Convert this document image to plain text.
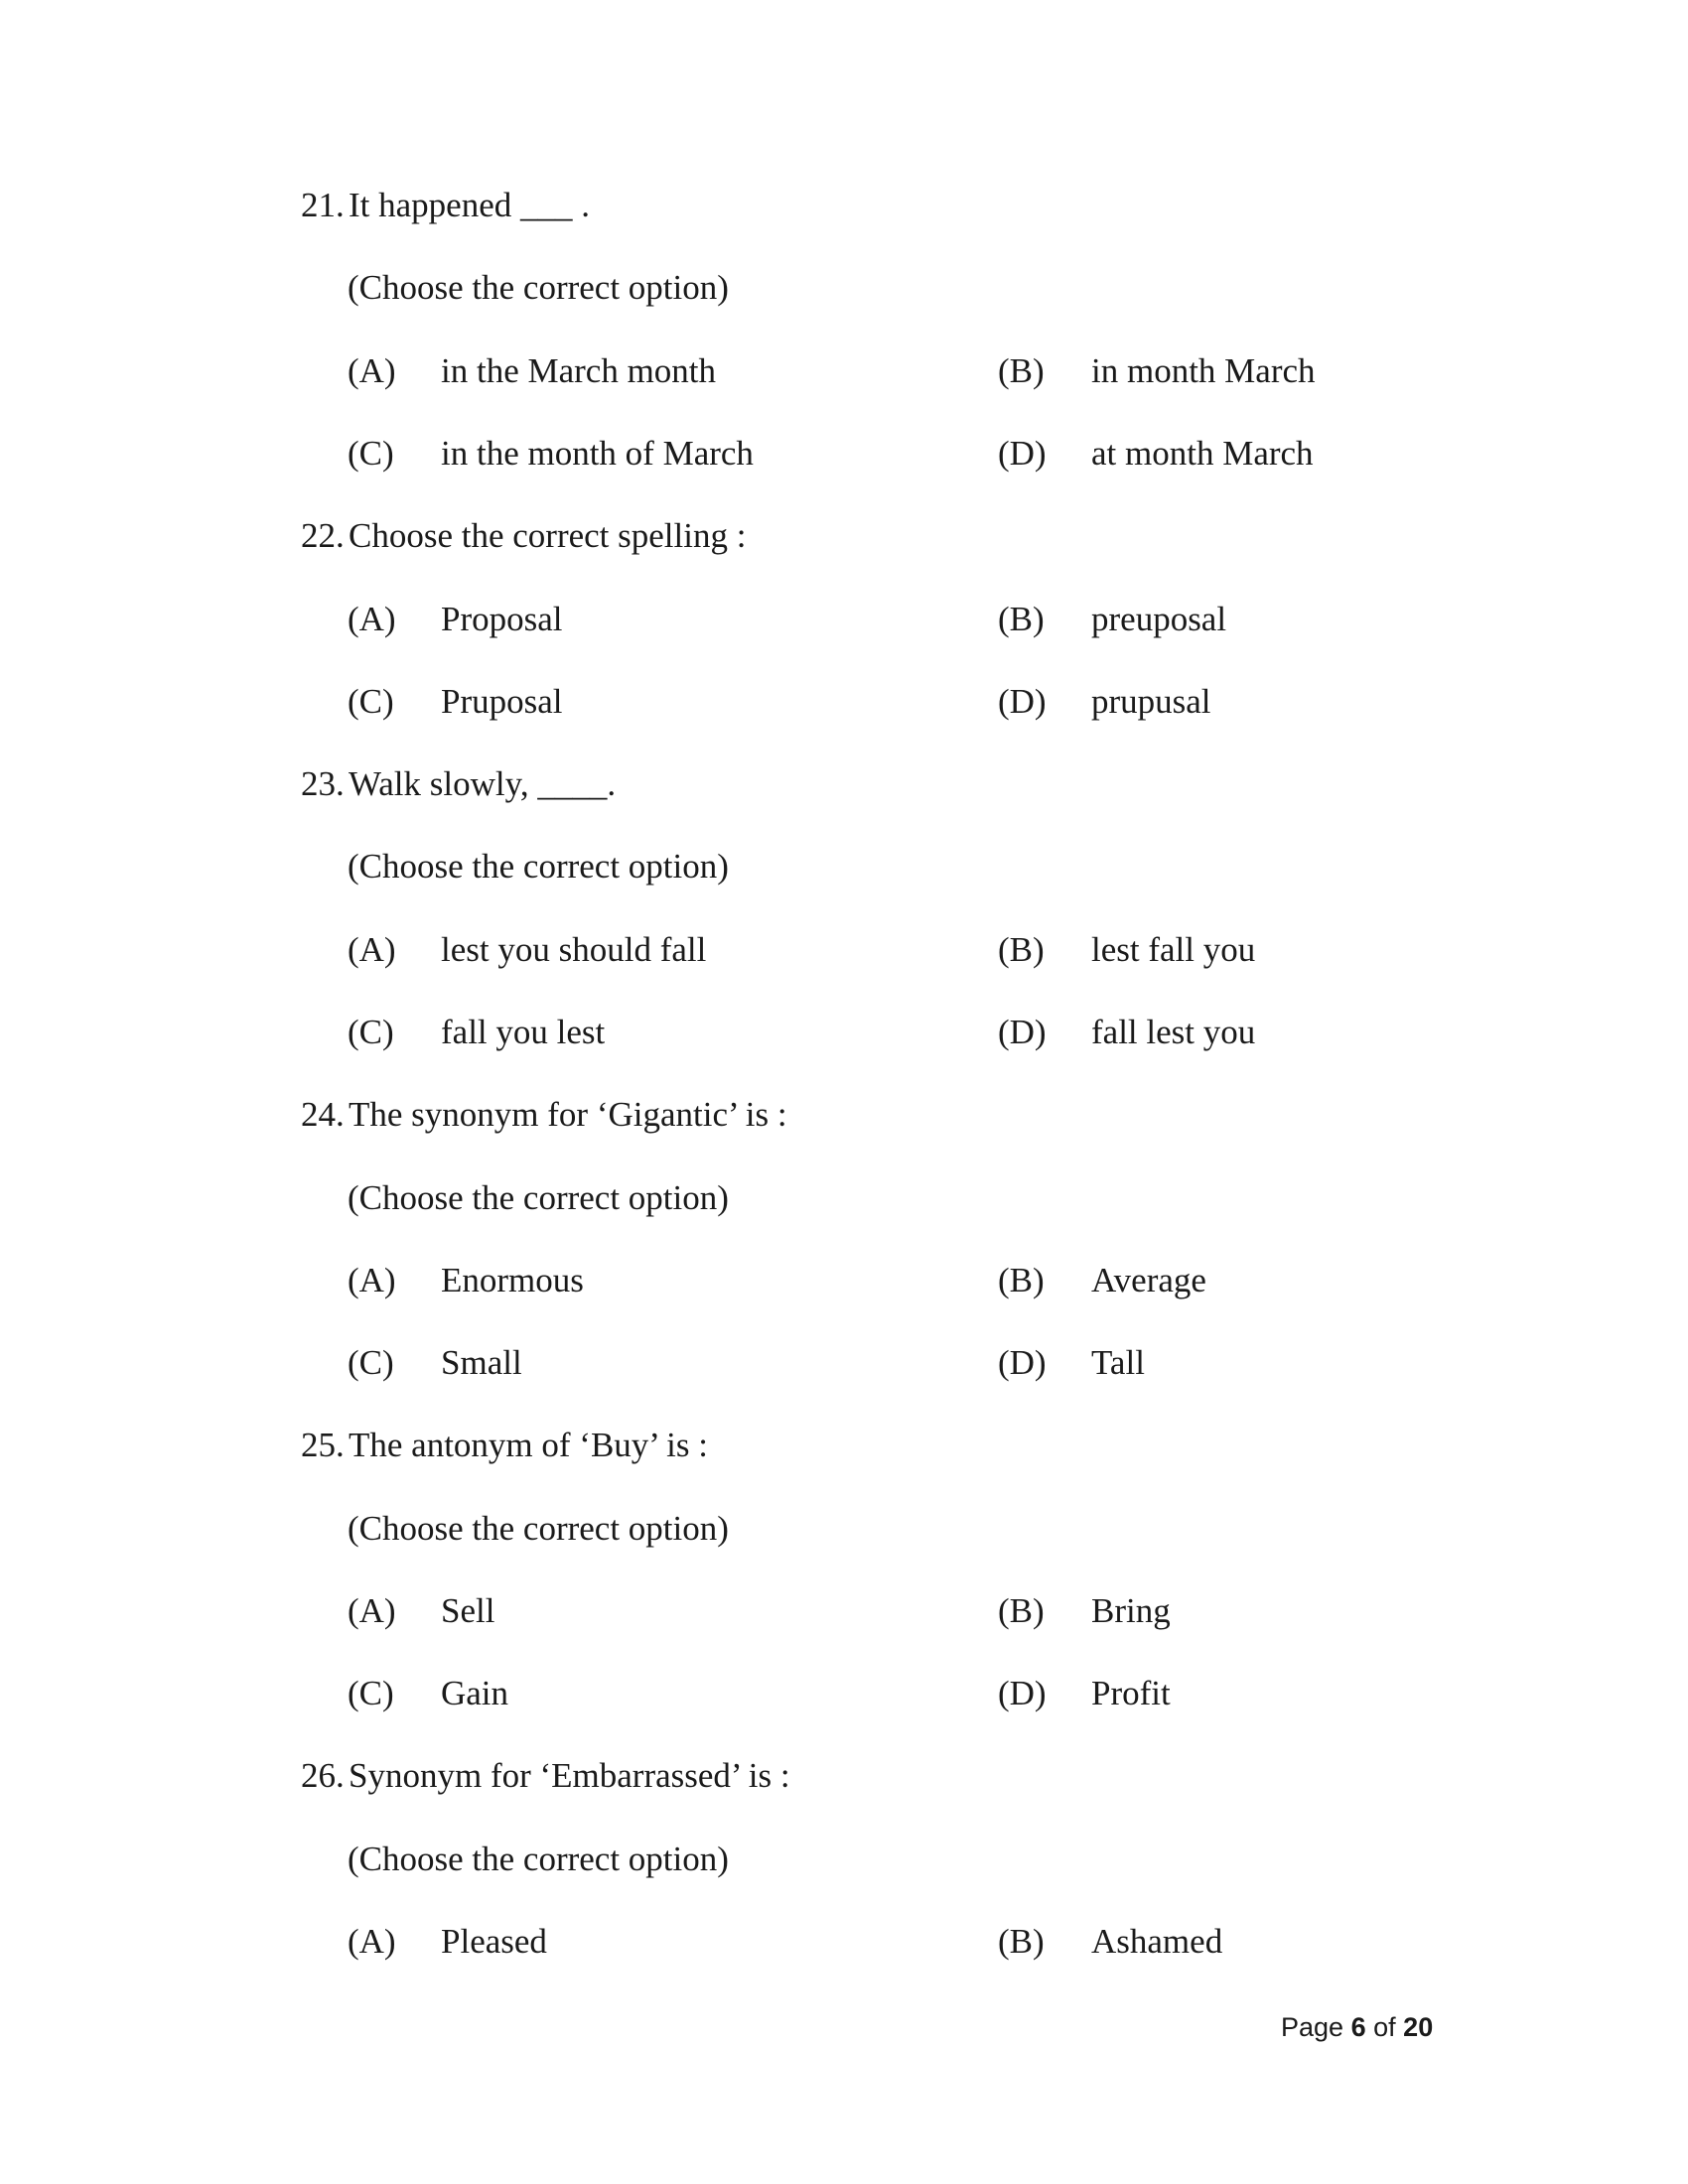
21. It happened ___ .
(Choose the correct option)
(A) in the March month	(B) in month March
(C) in the month of March	(D) at month March
22. Choose the correct spelling :
(A) Proposal	(B) preuposal
(C) Pruposal	(D) prupusal
23. Walk slowly, ____.
(Choose the correct option)
(A) lest you should fall	(B) lest fall you
(C) fall you lest	(D) fall lest you
24. The synonym for ‘Gigantic’ is :
(Choose the correct option)
(A) Enormous	(B) Average
(C) Small	(D) Tall
25. The antonym of ‘Buy’ is :
(Choose the correct option)
(A) Sell	(B) Bring
(C) Gain	(D) Profit
26. Synonym for ‘Embarrassed’ is :
(Choose the correct option)
(A) Pleased	(B) Ashamed
Page 6 of 20
